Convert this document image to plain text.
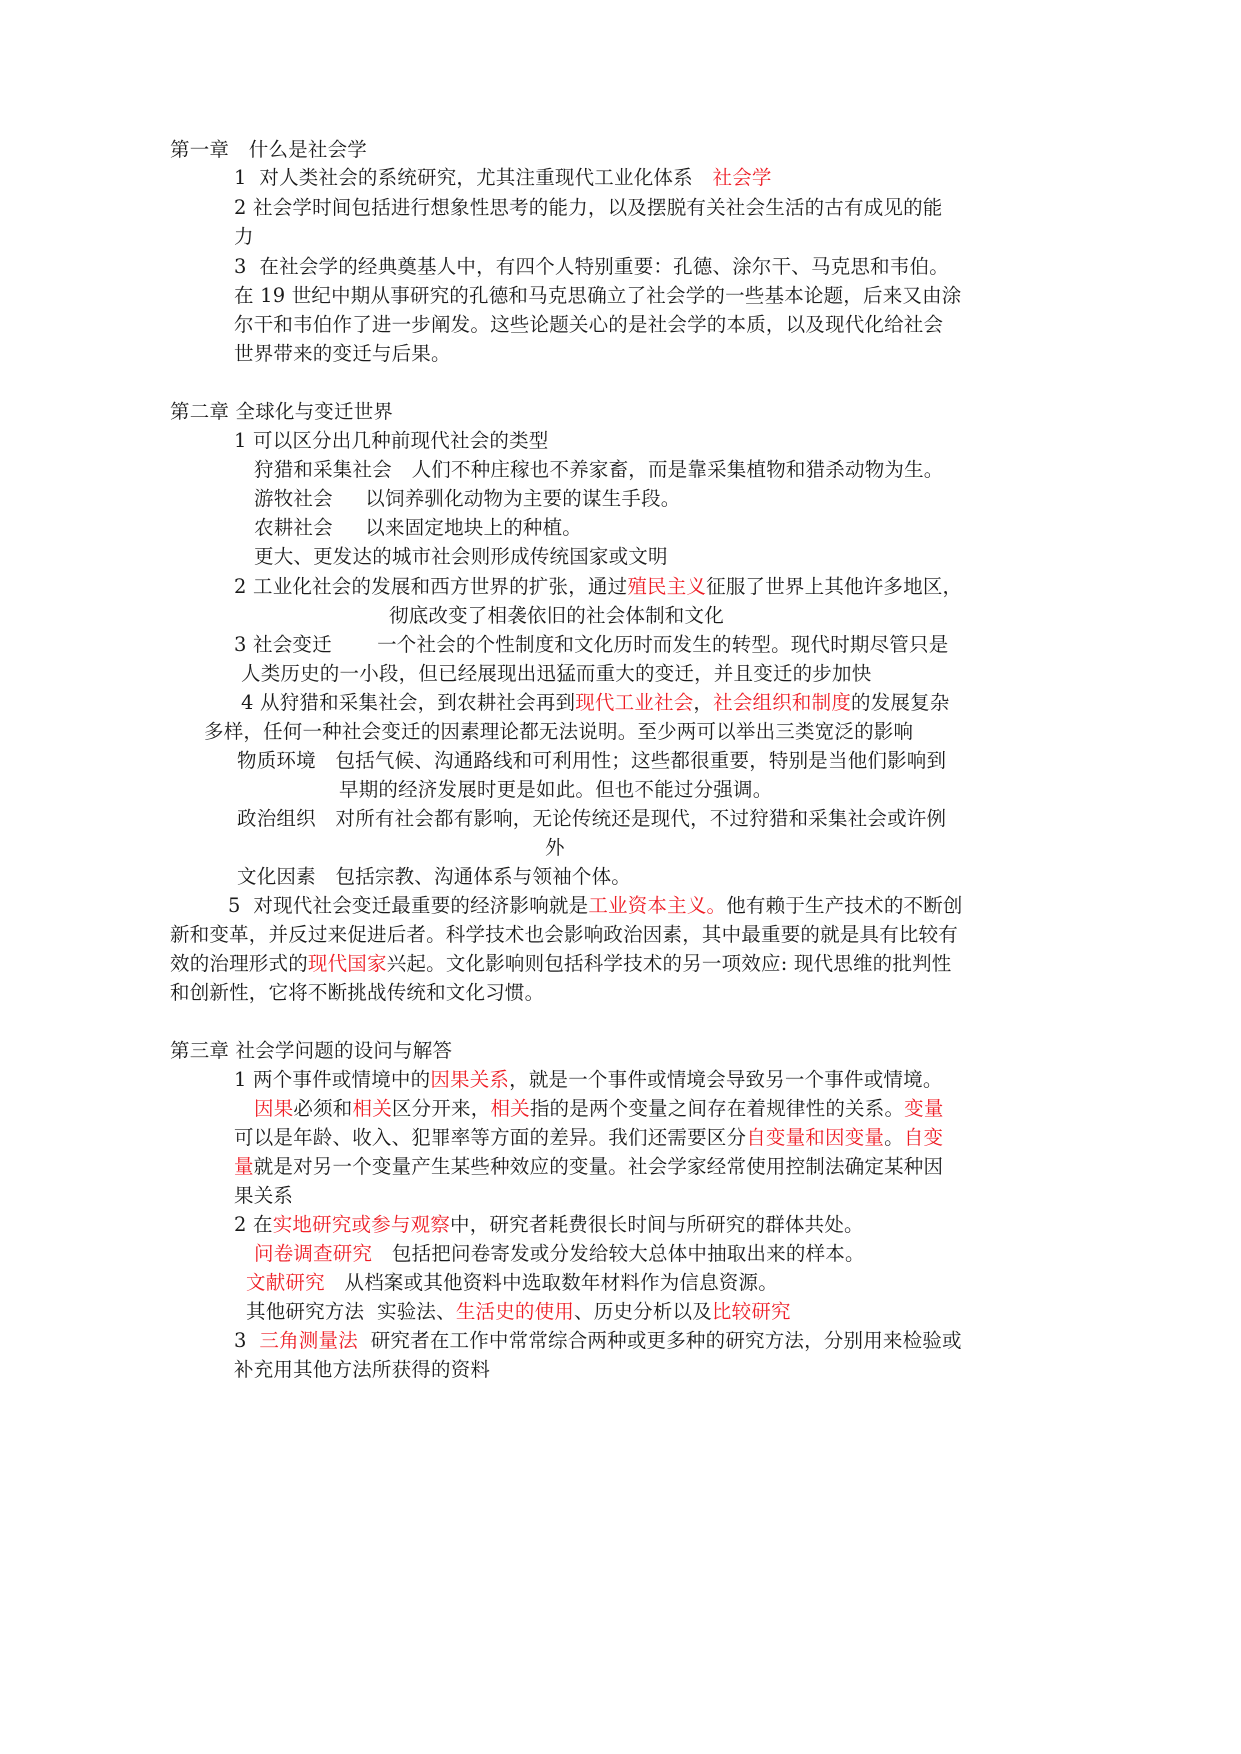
第一章　什么是社会学
1  对人类社会的系统研究，尤其注重现代工业化体系　社会学
2 社会学时间包括进行想象性思考的能力，以及摆脱有关社会生活的古有成见的能
力
3  在社会学的经典奠基人中，有四个人特别重要：孔德、涂尔干、马克思和韦伯。
在 19 世纪中期从事研究的孔德和马克思确立了社会学的一些基本论题，后来又由涂
尔干和韦伯作了进一步阐发。这些论题关心的是社会学的本质，以及现代化给社会
世界带来的变迁与后果。
第二章 全球化与变迁世界
1 可以区分出几种前现代社会的类型
狩猎和采集社会　人们不种庄稼也不养家畜，而是靠采集植物和猎杀动物为生。
游牧社会　  以饲养驯化动物为主要的谋生手段。
农耕社会　  以来固定地块上的种植。
更大、更发达的城市社会则形成传统国家或文明
2 工业化社会的发展和西方世界的扩张，通过殖民主义征服了世界上其他许多地区，
彻底改变了相袭依旧的社会体制和文化
3 社会变迁　    一个社会的个性制度和文化历时而发生的转型。现代时期尽管只是
人类历史的一小段，但已经展现出迅猛而重大的变迁，并且变迁的步加快
4 从狩猎和采集社会，到农耕社会再到现代工业社会，社会组织和制度的发展复杂
多样，任何一种社会变迁的因素理论都无法说明。至少两可以举出三类宽泛的影响
物质环境　包括气候、沟通路线和可利用性；这些都很重要，特别是当他们影响到
早期的经济发展时更是如此。但也不能过分强调。
政治组织　对所有社会都有影响，无论传统还是现代，不过狩猎和采集社会或许例
外
文化因素　包括宗教、沟通体系与领袖个体。
5  对现代社会变迁最重要的经济影响就是工业资本主义。他有赖于生产技术的不断创
新和变革，并反过来促进后者。科学技术也会影响政治因素，其中最重要的就是具有比较有
效的治理形式的现代国家兴起。文化影响则包括科学技术的另一项效应: 现代思维的批判性
和创新性，它将不断挑战传统和文化习惯。
第三章 社会学问题的设问与解答
1 两个事件或情境中的因果关系，就是一个事件或情境会导致另一个事件或情境。
因果必须和相关区分开来，相关指的是两个变量之间存在着规律性的关系。变量
可以是年龄、收入、犯罪率等方面的差异。我们还需要区分自变量和因变量。自变
量就是对另一个变量产生某些种效应的变量。社会学家经常使用控制法确定某种因
果关系
2 在实地研究或参与观察中，研究者耗费很长时间与所研究的群体共处。
问卷调查研究　包括把问卷寄发或分发给较大总体中抽取出来的样本。
文献研究　从档案或其他资料中选取数年材料作为信息资源。
其他研究方法  实验法、生活史的使用、历史分析以及比较研究
3  三角测量法  研究者在工作中常常综合两种或更多种的研究方法，分别用来检验或
补充用其他方法所获得的资料
